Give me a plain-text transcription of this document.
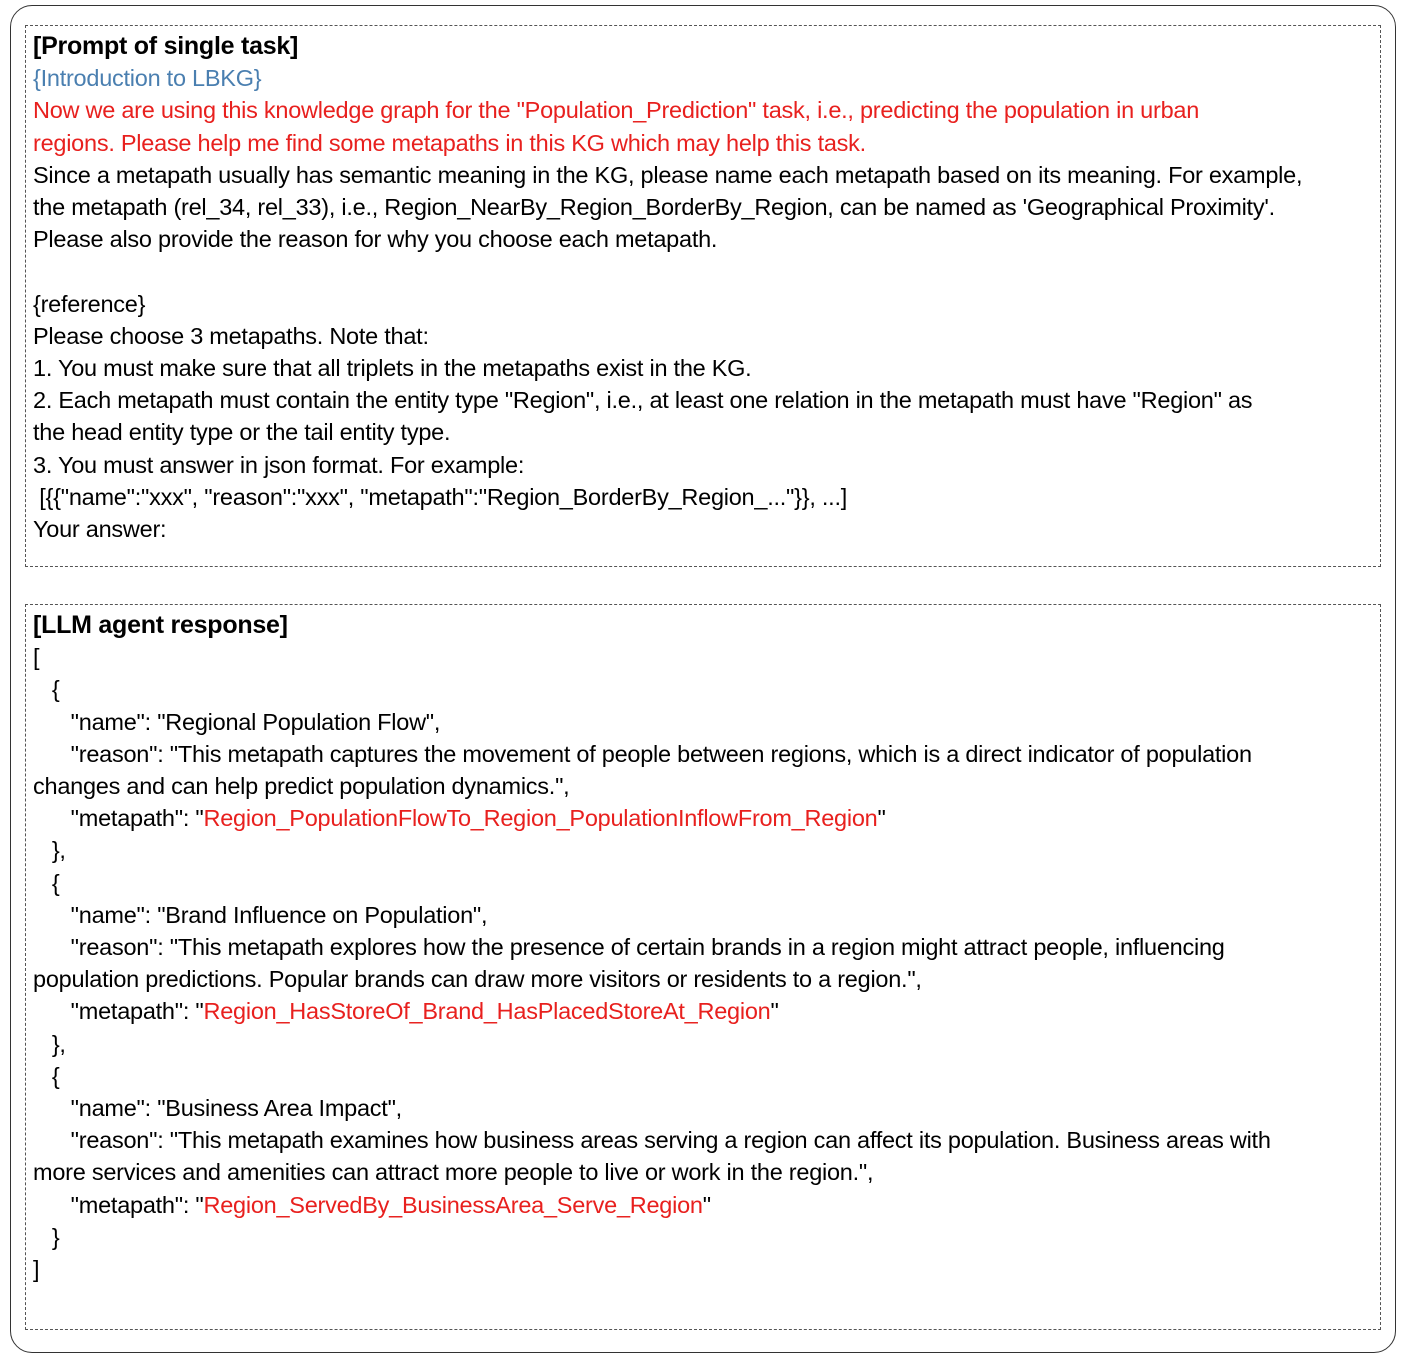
[Prompt of single task]
{Introduction to LBKG}
Now we are using this knowledge graph for the "Population_Prediction" task, i.e., predicting the population in urban
regions. Please help me find some metapaths in this KG which may help this task.
Since a metapath usually has semantic meaning in the KG, please name each metapath based on its meaning. For example,
the metapath (rel_34, rel_33), i.e., Region_NearBy_Region_BorderBy_Region, can be named as 'Geographical Proximity'.
Please also provide the reason for why you choose each metapath.
{reference}
Please choose 3 metapaths. Note that:
1. You must make sure that all triplets in the metapaths exist in the KG.
2. Each metapath must contain the entity type "Region", i.e., at least one relation in the metapath must have "Region" as
the head entity type or the tail entity type.
3. You must answer in json format. For example:
[{{"name":"xxx", "reason":"xxx", "metapath":"Region_BorderBy_Region_..."}}, ...]
Your answer:
[LLM agent response]
[
{
"name": "Regional Population Flow",
"reason": "This metapath captures the movement of people between regions, which is a direct indicator of population
changes and can help predict population dynamics.",
"metapath": "Region_PopulationFlowTo_Region_PopulationInflowFrom_Region"
},
{
"name": "Brand Influence on Population",
"reason": "This metapath explores how the presence of certain brands in a region might attract people, influencing
population predictions. Popular brands can draw more visitors or residents to a region.",
"metapath": "Region_HasStoreOf_Brand_HasPlacedStoreAt_Region"
},
{
"name": "Business Area Impact",
"reason": "This metapath examines how business areas serving a region can affect its population. Business areas with
more services and amenities can attract more people to live or work in the region.",
"metapath": "Region_ServedBy_BusinessArea_Serve_Region"
}
]
